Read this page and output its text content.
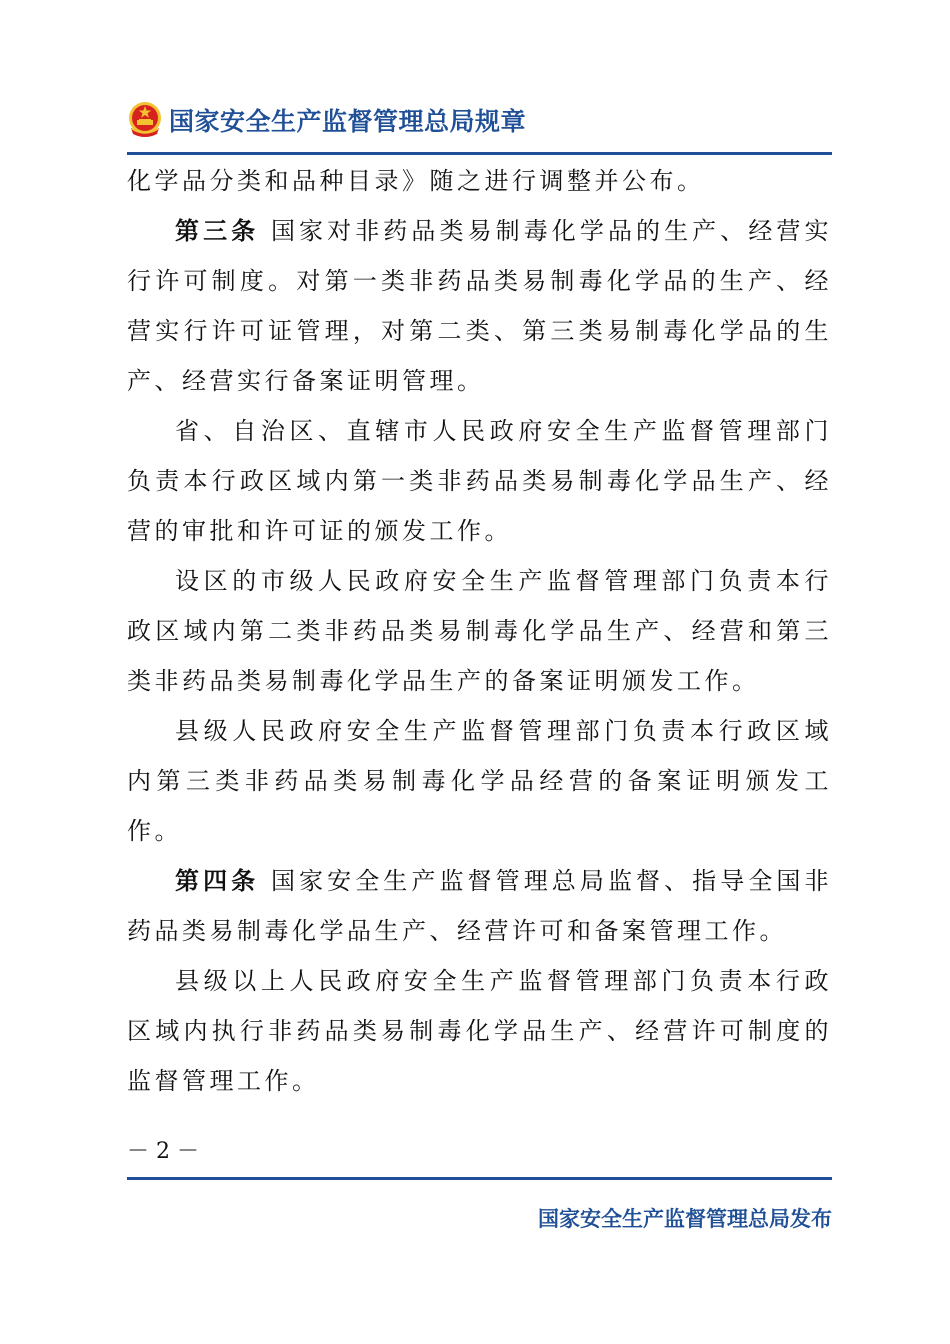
国家安全生产监督管理总局规章

化学品分类和品种目录》随之进行调整并公布。

第三条 国家对非药品类易制毒化学品的生产、经营实行许可制度。对第一类非药品类易制毒化学品的生产、经营实行许可证管理，对第二类、第三类易制毒化学品的生产、经营实行备案证明管理。

省、自治区、直辖市人民政府安全生产监督管理部门负责本行政区域内第一类非药品类易制毒化学品生产、经营的审批和许可证的颁发工作。

设区的市级人民政府安全生产监督管理部门负责本行政区域内第二类非药品类易制毒化学品生产、经营和第三类非药品类易制毒化学品生产的备案证明颁发工作。

县级人民政府安全生产监督管理部门负责本行政区域内第三类非药品类易制毒化学品经营的备案证明颁发工作。

第四条 国家安全生产监督管理总局监督、指导全国非药品类易制毒化学品生产、经营许可和备案管理工作。

县级以上人民政府安全生产监督管理部门负责本行政区域内执行非药品类易制毒化学品生产、经营许可制度的监督管理工作。

－ 2 －
国家安全生产监督管理总局发布
